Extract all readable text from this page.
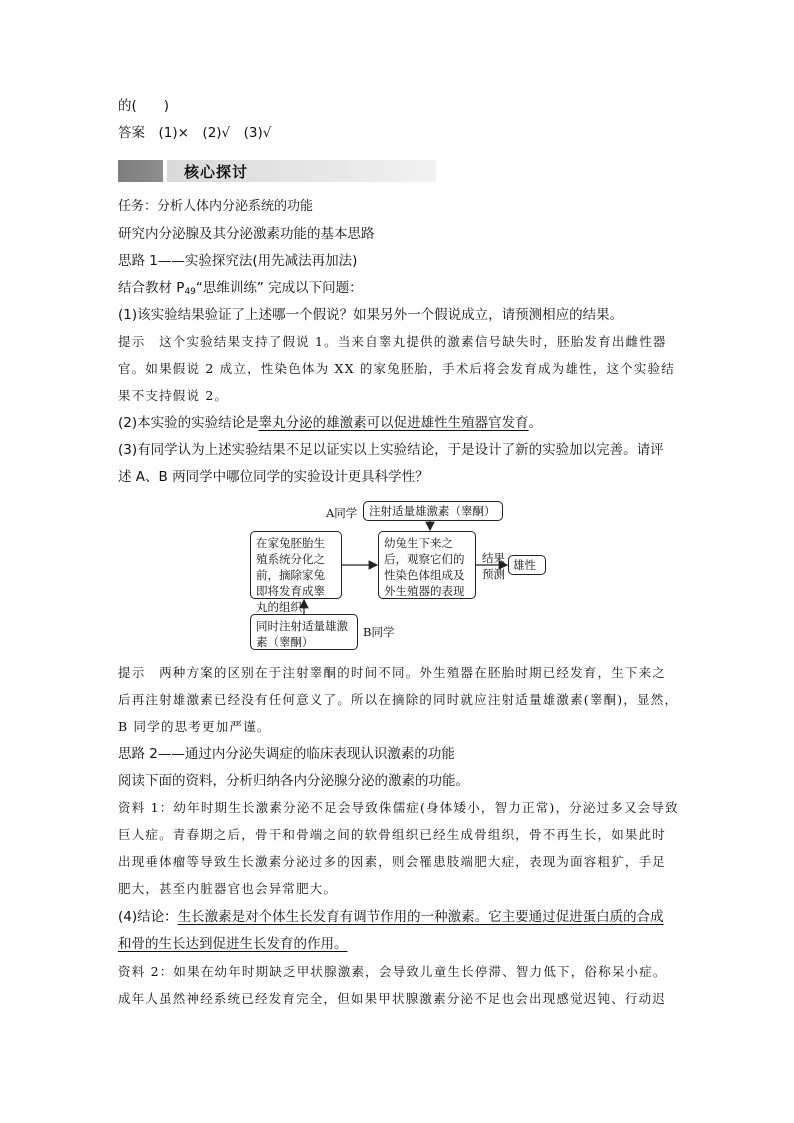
的(　　)
答案　(1)×　(2)√　(3)√
核心探讨
任务：分析人体内分泌系统的功能
研究内分泌腺及其分泌激素功能的基本思路
思路 1——实验探究法(用先减法再加法)
结合教材 $P_{49}“$思维训练” 完成以下问题：
(1)该实验结果验证了上述哪一个假说？如果另外一个假说成立，请预测相应的结果。
提示　这个实验结果支持了假说 1。当来自睾丸提供的激素信号缺失时，胚胎发育出雌性器
官。如果假说 2 成立，性染色体为 XX 的家兔胚胎，手术后将会发育成为雄性，这个实验结
果不支持假说 2。
(2)本实验的实验结论是睾丸分泌的雄激素可以促进雄性生殖器官发育。
(3)有同学认为上述实验结果不足以证实以上实验结论，于是设计了新的实验加以完善。请评
述 A、B 两同学中哪位同学的实验设计更具科学性？
A同学	注射适量雄激素（睾酮）
在家兔胚胎生殖系统分化之前，摘除家兔即将发育成睾丸的组织
幼兔生下来之后，观察它们的性染色体组成及外生殖器的表现
结果
预测
雄性
同时注射适量雄激素（睾酮）
B同学
提示　两种方案的区别在于注射睾酮的时间不同。外生殖器在胚胎时期已经发育，生下来之
后再注射雄激素已经没有任何意义了。所以在摘除的同时就应注射适量雄激素(睾酮)，显然，
B 同学的思考更加严谨。
思路 2——通过内分泌失调症的临床表现认识激素的功能
阅读下面的资料，分析归纳各内分泌腺分泌的激素的功能。
资料 1：幼年时期生长激素分泌不足会导致侏儒症(身体矮小，智力正常)，分泌过多又会导致
巨人症。青春期之后，骨干和骨端之间的软骨组织已经生成骨组织，骨不再生长，如果此时
出现垂体瘤等导致生长激素分泌过多的因素，则会罹患肢端肥大症，表现为面容粗犷，手足
肥大，甚至内脏器官也会异常肥大。
(4)结论：生长激素是对个体生长发育有调节作用的一种激素。它主要通过促进蛋白质的合成
和骨的生长达到促进生长发育的作用。
资料 2：如果在幼年时期缺乏甲状腺激素，会导致儿童生长停滞、智力低下，俗称呆小症。
成年人虽然神经系统已经发育完全，但如果甲状腺激素分泌不足也会出现感觉迟钝、行动迟
